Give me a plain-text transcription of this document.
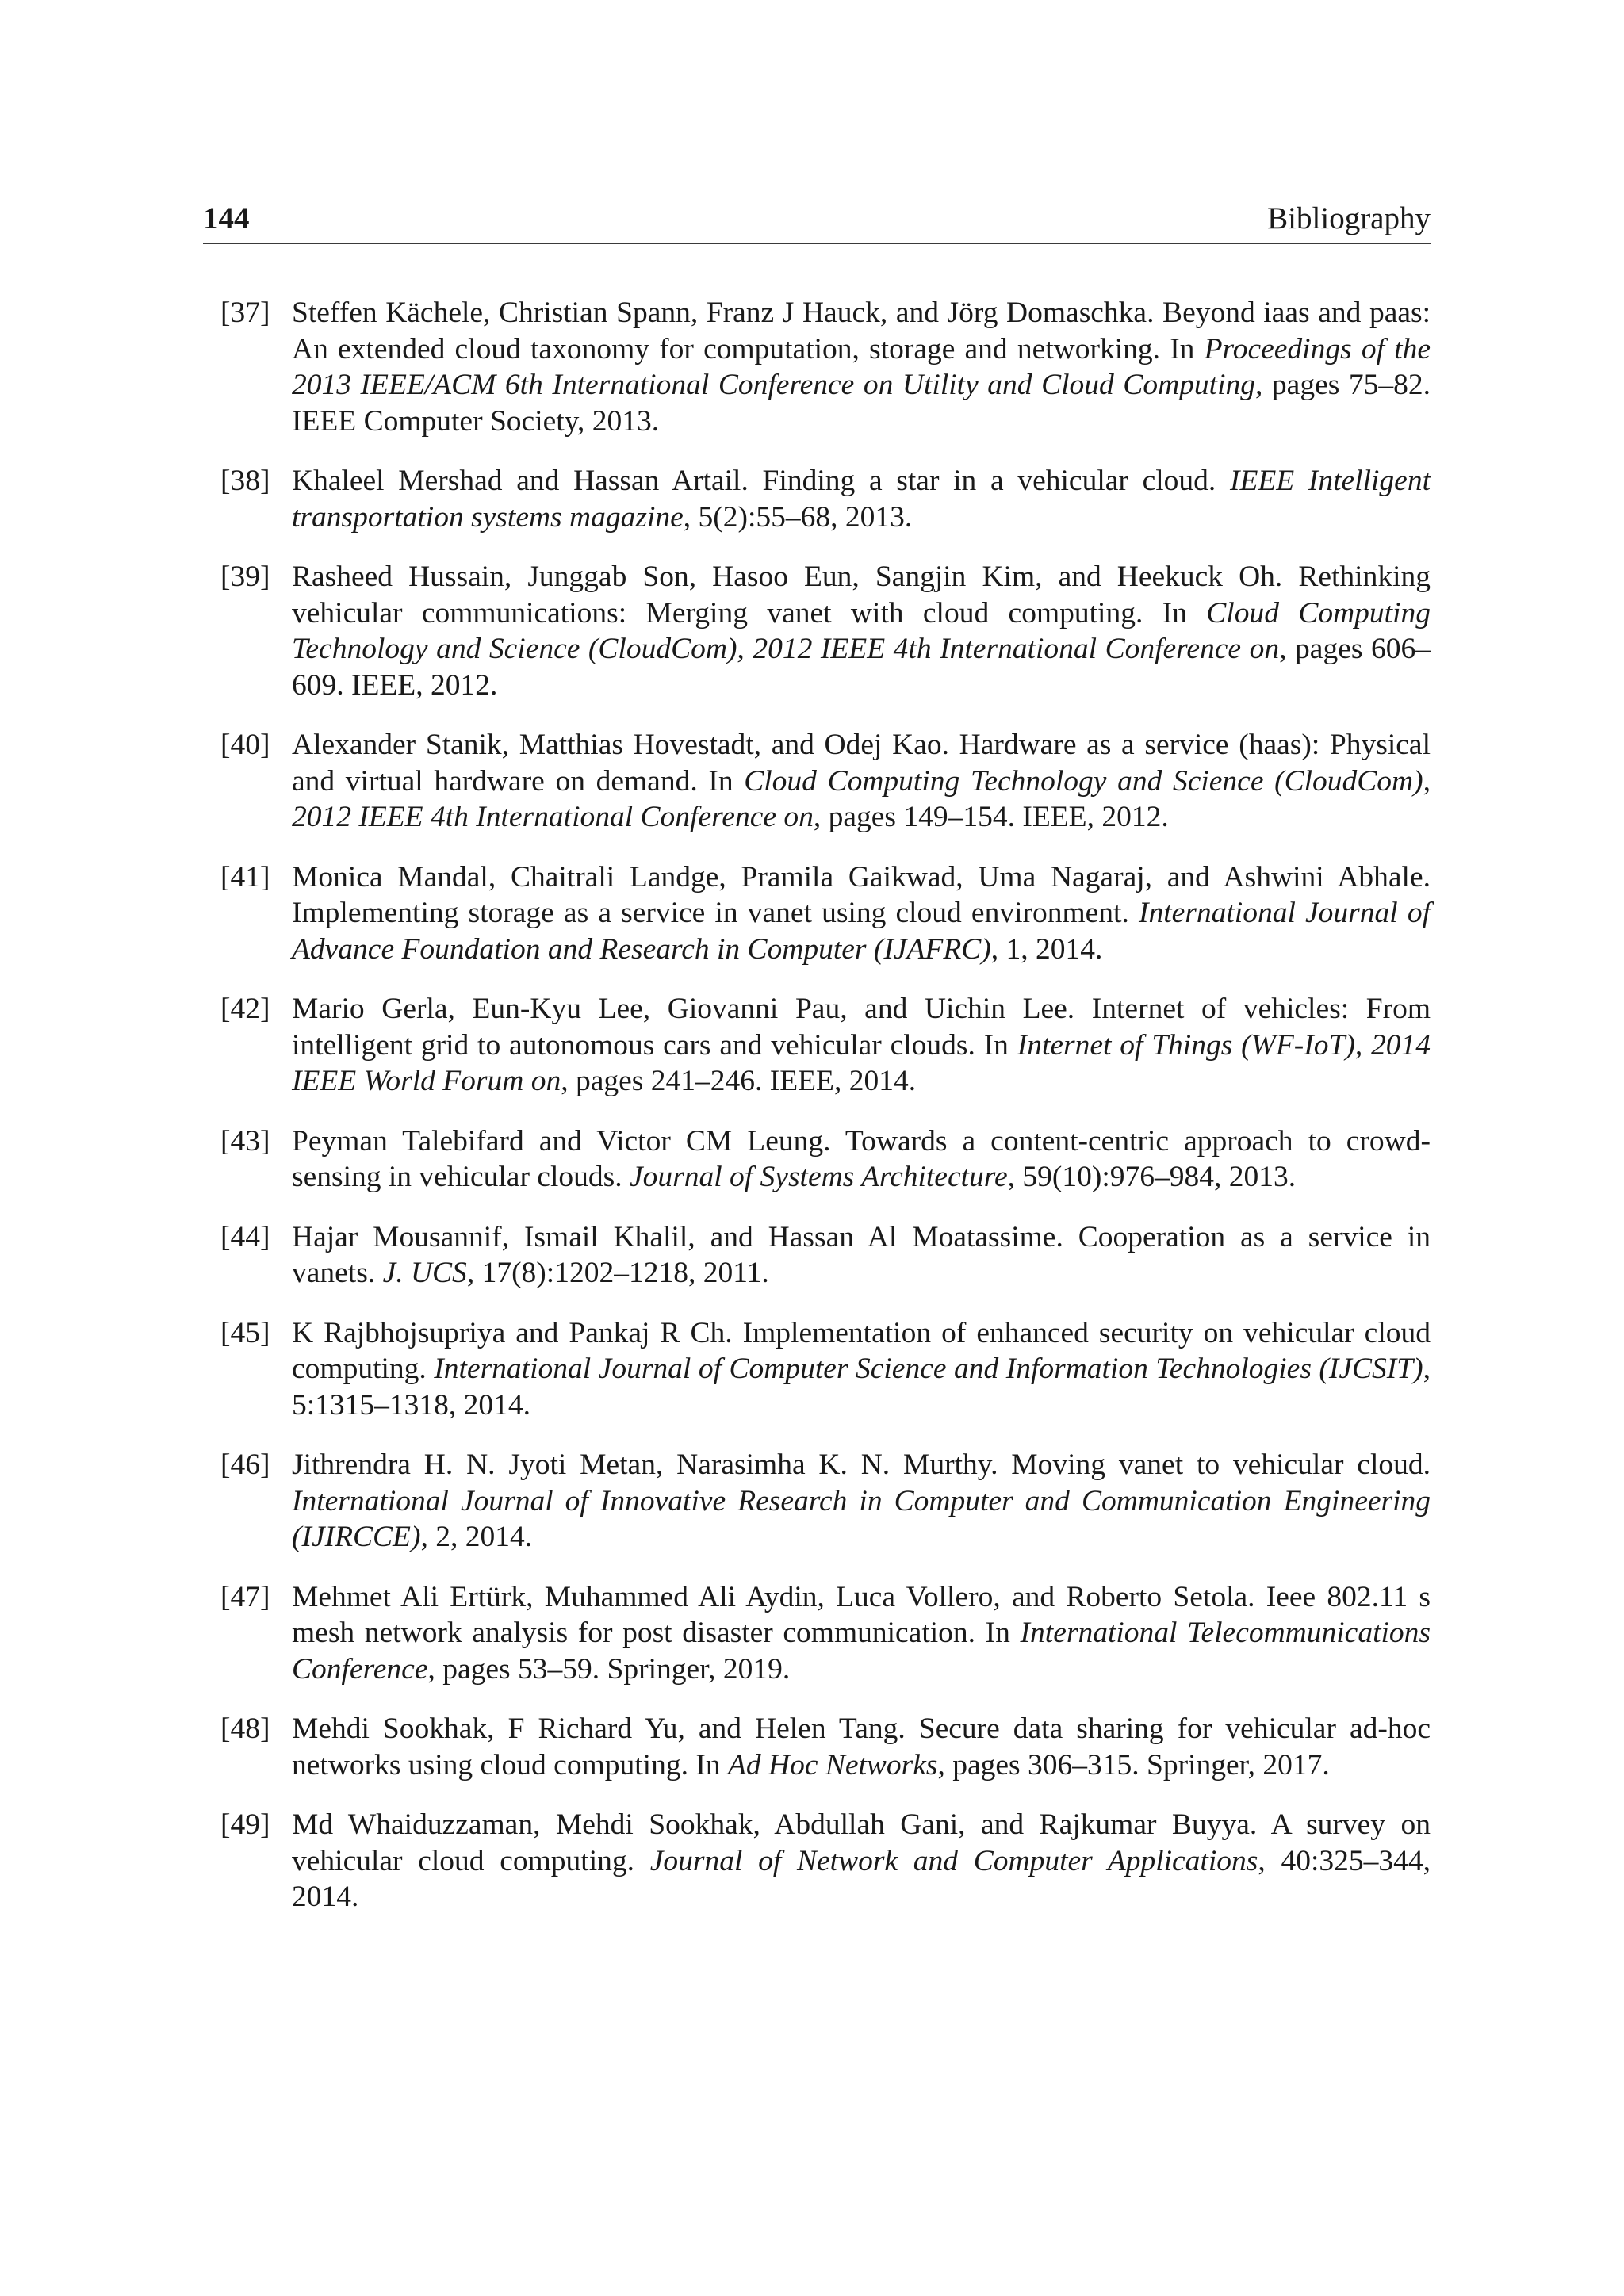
144	Bibliography
[37] Steffen Kächele, Christian Spann, Franz J Hauck, and Jörg Domaschka. Beyond iaas and paas: An extended cloud taxonomy for computation, storage and networking. In Proceedings of the 2013 IEEE/ACM 6th International Conference on Utility and Cloud Computing, pages 75–82. IEEE Computer Society, 2013.
[38] Khaleel Mershad and Hassan Artail. Finding a star in a vehicular cloud. IEEE Intelligent transportation systems magazine, 5(2):55–68, 2013.
[39] Rasheed Hussain, Junggab Son, Hasoo Eun, Sangjin Kim, and Heekuck Oh. Rethinking vehicular communications: Merging vanet with cloud computing. In Cloud Computing Technology and Science (CloudCom), 2012 IEEE 4th International Conference on, pages 606–609. IEEE, 2012.
[40] Alexander Stanik, Matthias Hovestadt, and Odej Kao. Hardware as a service (haas): Physical and virtual hardware on demand. In Cloud Computing Technology and Science (CloudCom), 2012 IEEE 4th International Conference on, pages 149–154. IEEE, 2012.
[41] Monica Mandal, Chaitrali Landge, Pramila Gaikwad, Uma Nagaraj, and Ashwini Abhale. Implementing storage as a service in vanet using cloud environment. International Journal of Advance Foundation and Research in Computer (IJAFRC), 1, 2014.
[42] Mario Gerla, Eun-Kyu Lee, Giovanni Pau, and Uichin Lee. Internet of vehicles: From intelligent grid to autonomous cars and vehicular clouds. In Internet of Things (WF-IoT), 2014 IEEE World Forum on, pages 241–246. IEEE, 2014.
[43] Peyman Talebifard and Victor CM Leung. Towards a content-centric approach to crowd-sensing in vehicular clouds. Journal of Systems Architecture, 59(10):976–984, 2013.
[44] Hajar Mousannif, Ismail Khalil, and Hassan Al Moatassime. Cooperation as a service in vanets. J. UCS, 17(8):1202–1218, 2011.
[45] K Rajbhojsupriya and Pankaj R Ch. Implementation of enhanced security on vehicular cloud computing. International Journal of Computer Science and Information Technologies (IJCSIT), 5:1315–1318, 2014.
[46] Jithrendra H. N. Jyoti Metan, Narasimha K. N. Murthy. Moving vanet to vehicular cloud. International Journal of Innovative Research in Computer and Communication Engineering (IJIRCCE), 2, 2014.
[47] Mehmet Ali Ertürk, Muhammed Ali Aydin, Luca Vollero, and Roberto Setola. Ieee 802.11 s mesh network analysis for post disaster communication. In International Telecommunications Conference, pages 53–59. Springer, 2019.
[48] Mehdi Sookhak, F Richard Yu, and Helen Tang. Secure data sharing for vehicular ad-hoc networks using cloud computing. In Ad Hoc Networks, pages 306–315. Springer, 2017.
[49] Md Whaiduzzaman, Mehdi Sookhak, Abdullah Gani, and Rajkumar Buyya. A survey on vehicular cloud computing. Journal of Network and Computer Applications, 40:325–344, 2014.
